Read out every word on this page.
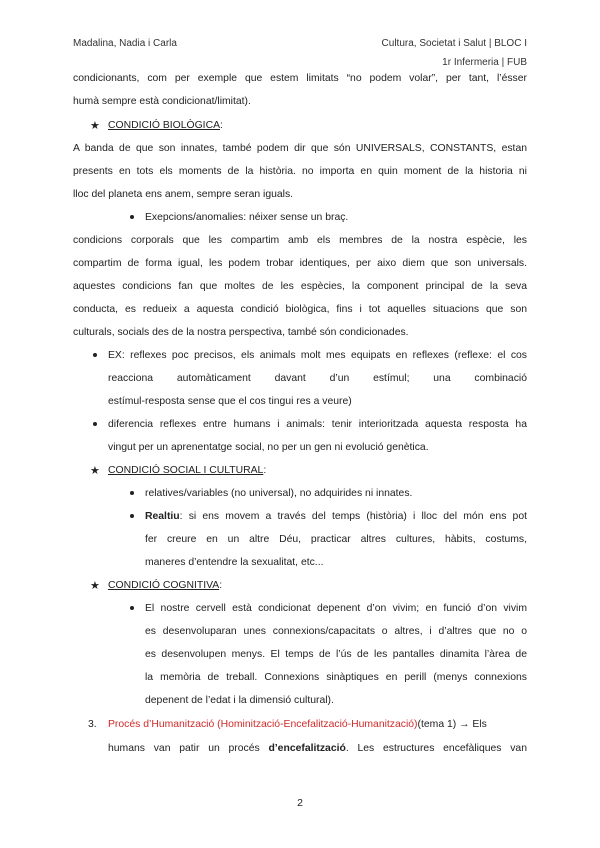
Madalina, Nadia i Carla	Cultura, Societat i Salut | BLOC I
1r Infermeria | FUB
condicionants, com per exemple que estem limitats “no podem volar”, per tant, l’ésser
humà sempre està condicionat/limitat).
★ CONDICIÓ BIOLÒGICA:
A banda de que son innates, també podem dir que són UNIVERSALS, CONSTANTS, estan
presents en tots els moments de la història. no importa en quin moment de la historia ni
lloc del planeta ens anem, sempre seran iguals.
Exepcions/anomalies: néixer sense un braç.
condicions corporals que les compartim amb els membres de la nostra espècie, les
compartim de forma igual, les podem trobar identiques, per aixo diem que son universals.
aquestes condicions fan que moltes de les espècies, la component principal de la seva
conducta, es redueix a aquesta condició biològica, fins i tot aquelles situacions que son
culturals, socials des de la nostra perspectiva, també són condicionades.
EX: reflexes poc precisos, els animals molt mes equipats en reflexes (reflexe: el cos
reacciona automàticament davant d’un estímul; una combinació
estímul-resposta sense que el cos tingui res a veure)
diferencia reflexes entre humans i animals: tenir interioritzada aquesta resposta ha
vingut per un aprenentatge social, no per un gen ni evolució genètica.
★ CONDICIÓ SOCIAL I CULTURAL:
relatives/variables (no universal), no adquirides ni innates.
Realtiu: si ens movem a través del temps (història) i lloc del món ens pot
fer creure en un altre Déu, practicar altres cultures, hàbits, costums,
maneres d’entendre la sexualitat, etc...
★ CONDICIÓ COGNITIVA:
El nostre cervell està condicionat depenent d’on vivim; en funció d’on vivim
es desenvoluparan unes connexions/capacitats o altres, i d’altres que no o
es desenvolupen menys. El temps de l’ús de les pantalles dinamita l’àrea de
la memòria de treball. Connexions sinàptiques en perill (menys connexions
depenent de l’edat i la dimensió cultural).
3. Procés d’Humanització (Hominització-Encefalització-Humanització)(tema 1) → Els
humans van patir un procés d’encefalització. Les estructures encefàliques van
2
